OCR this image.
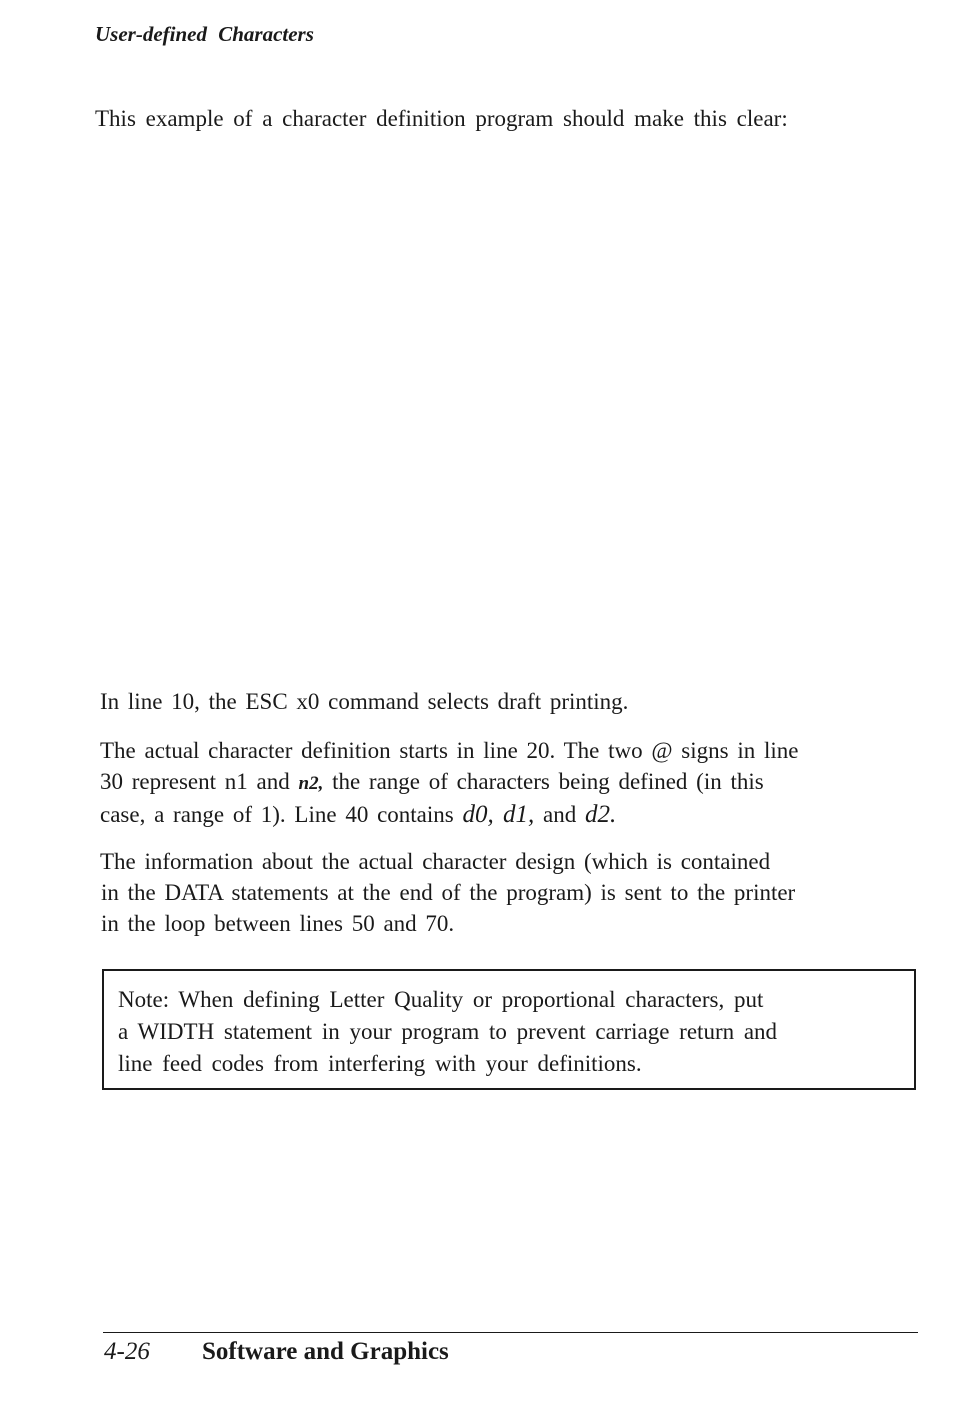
User-defined Characters
This example of a character definition program should make this clear:

In line 10, the ESC x0 command selects draft printing.

The actual character definition starts in line 20. The two @ signs in line
30 represent n1 and n2, the range of characters being defined (in this
case, a range of 1). Line 40 contains d0, d1, and d2.

The information about the actual character design (which is contained
in the DATA statements at the end of the program) is sent to the printer
in the loop between lines 50 and 70.

Note: When defining Letter Quality or proportional characters, put
a WIDTH statement in your program to prevent carriage return and
line feed codes from interfering with your definitions.
4-26 Software and Graphics
